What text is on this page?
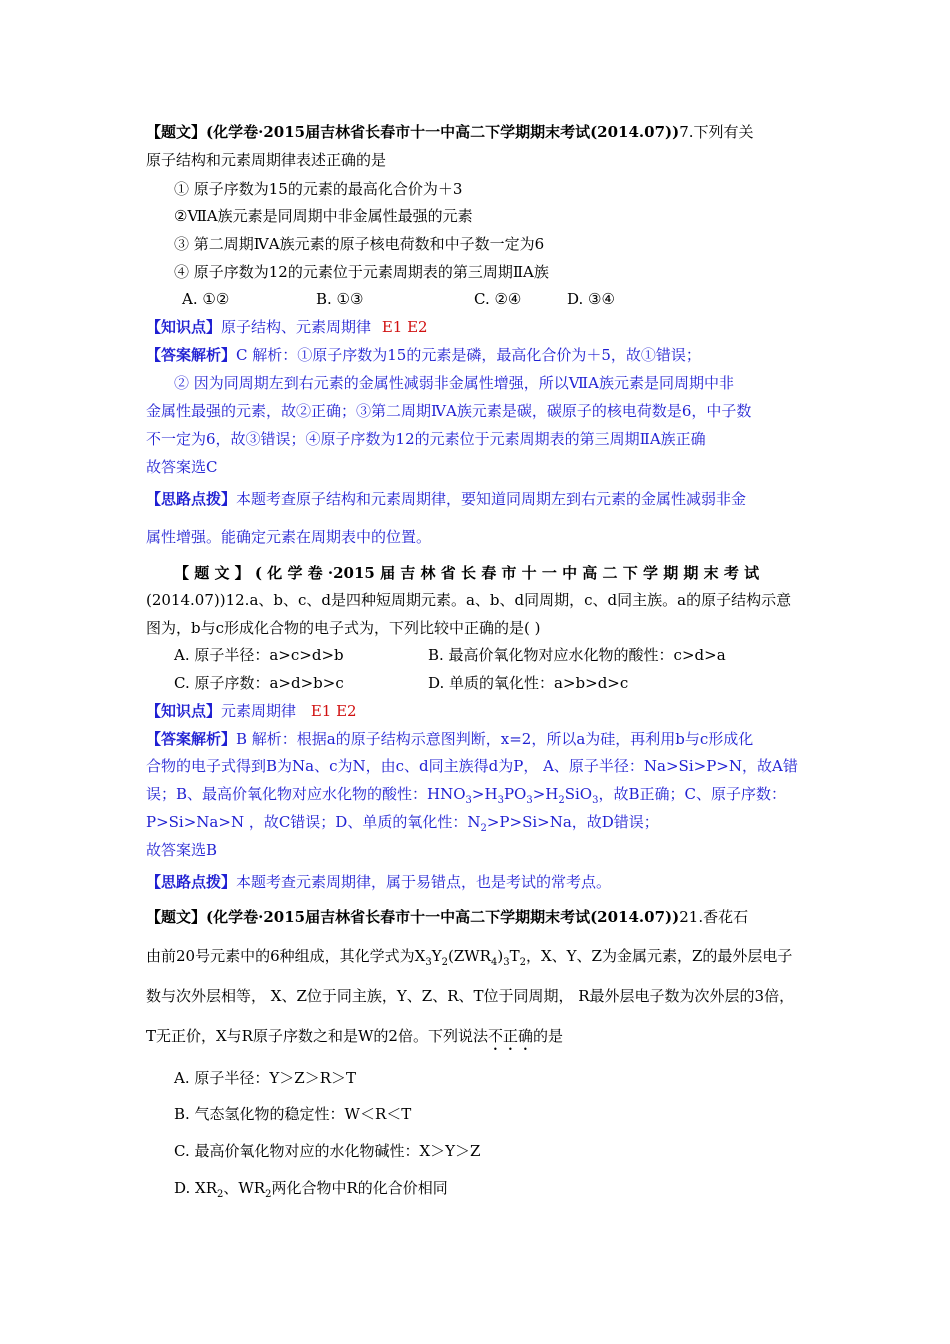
【题文】(化学卷·2015届吉林省长春市十一中高二下学期期末考试(2014.07))7.下列有关
原子结构和元素周期律表述正确的是
① 原子序数为15的元素的最高化合价为＋3
②ⅦA族元素是同周期中非金属性最强的元素
③ 第二周期ⅣA族元素的原子核电荷数和中子数一定为6
④ 原子序数为12的元素位于元素周期表的第三周期ⅡA族
A. ①②	B. ①③	C. ②④	D. ③④
【知识点】原子结构、元素周期律 E1 E2
【答案解析】C 解析：①原子序数为15的元素是磷，最高化合价为＋5，故①错误；
② 因为同周期左到右元素的金属性减弱非金属性增强，所以ⅦA族元素是同周期中非
金属性最强的元素，故②正确；③第二周期ⅣA族元素是碳，碳原子的核电荷数是6，中子数
不一定为6，故③错误；④原子序数为12的元素位于元素周期表的第三周期ⅡA族正确
故答案选C
【思路点拨】本题考查原子结构和元素周期律，要知道同周期左到右元素的金属性减弱非金
属性增强。能确定元素在周期表中的位置。
【 题 文 】 ( 化 学 卷 ·2015 届 吉 林 省 长 春 市 十 一 中 高 二 下 学 期 期 末 考 试
(2014.07))12.a、b、c、d是四种短周期元素。a、b、d同周期，c、d同主族。a的原子结构示意
图为，b与c形成化合物的电子式为，下列比较中正确的是( )
A. 原子半径：a>c>d>b	B. 最高价氧化物对应水化物的酸性：c>d>a
C. 原子序数：a>d>b>c	D. 单质的氧化性：a>b>d>c
【知识点】元素周期律 E1 E2
【答案解析】B 解析：根据a的原子结构示意图判断，x=2，所以a为硅，再利用b与c形成化
合物的电子式得到B为Na、c为N，由c、d同主族得d为P， A、原子半径：Na>Si>P>N，故A错
误；B、最高价氧化物对应水化物的酸性：$HNO_3>H_3PO_3>H_2SiO_3$，故B正确；C、原子序数：
P>Si>Na>N ，故C错误；D、单质的氧化性：$N_2>P>Si>Na$，故D错误；
故答案选B
【思路点拨】本题考查元素周期律，属于易错点，也是考试的常考点。
【题文】(化学卷·2015届吉林省长春市十一中高二下学期期末考试(2014.07))21.香花石
由前20号元素中的6种组成，其化学式为$X_3Y_2(ZWR_4)_3T_2$，X、Y、Z为金属元素，Z的最外层电子
数与次外层相等， X、Z位于同主族，Y、Z、R、T位于同周期， R最外层电子数为次外层的3倍，
T无正价，X与R原子序数之和是W的2倍。下列说法不正确的是
A. 原子半径：Y＞Z＞R＞T
B. 气态氢化物的稳定性：W＜R＜T
C. 最高价氧化物对应的水化物碱性：X＞Y＞Z
D. $XR_2$、$WR_2$两化合物中R的化合价相同
